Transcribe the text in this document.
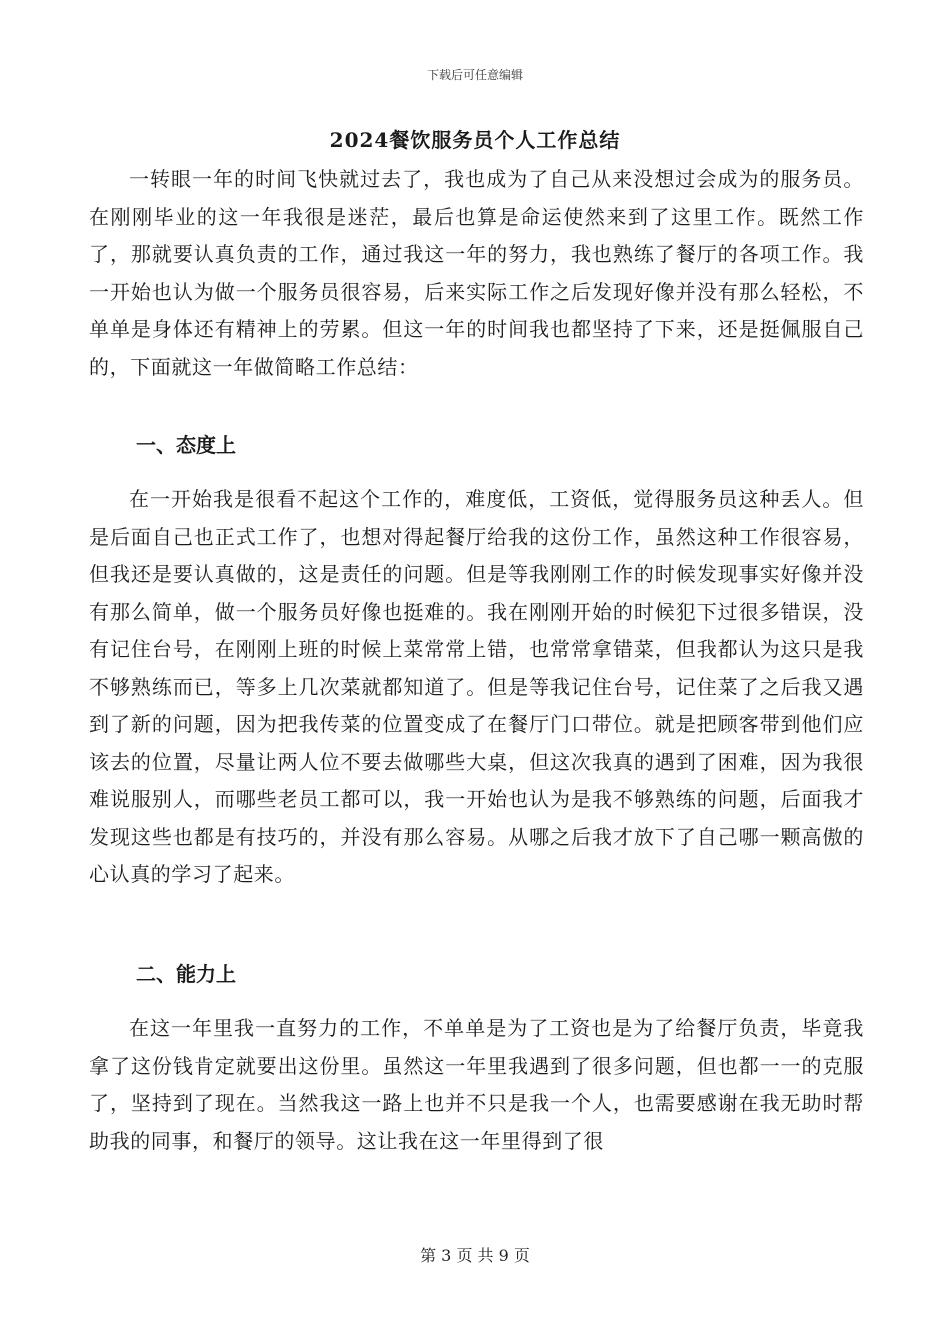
下载后可任意编辑
2024餐饮服务员个人工作总结

一转眼一年的时间飞快就过去了，我也成为了自己从来没想过会成为的服务员。在刚刚毕业的这一年我很是迷茫，最后也算是命运使然来到了这里工作。既然工作了，那就要认真负责的工作，通过我这一年的努力，我也熟练了餐厅的各项工作。我一开始也认为做一个服务员很容易，后来实际工作之后发现好像并没有那么轻松，不单单是身体还有精神上的劳累。但这一年的时间我也都坚持了下来，还是挺佩服自己的，下面就这一年做简略工作总结：

一、态度上

在一开始我是很看不起这个工作的，难度低，工资低，觉得服务员这种丢人。但是后面自己也正式工作了，也想对得起餐厅给我的这份工作，虽然这种工作很容易，但我还是要认真做的，这是责任的问题。但是等我刚刚工作的时候发现事实好像并没有那么简单，做一个服务员好像也挺难的。我在刚刚开始的时候犯下过很多错误，没有记住台号，在刚刚上班的时候上菜常常上错，也常常拿错菜，但我都认为这只是我不够熟练而已，等多上几次菜就都知道了。但是等我记住台号，记住菜了之后我又遇到了新的问题，因为把我传菜的位置变成了在餐厅门口带位。就是把顾客带到他们应该去的位置，尽量让两人位不要去做哪些大桌，但这次我真的遇到了困难，因为我很难说服别人，而哪些老员工都可以，我一开始也认为是我不够熟练的问题，后面我才发现这些也都是有技巧的，并没有那么容易。从哪之后我才放下了自己哪一颗高傲的心认真的学习了起来。

二、能力上

在这一年里我一直努力的工作，不单单是为了工资也是为了给餐厅负责，毕竟我拿了这份钱肯定就要出这份里。虽然这一年里我遇到了很多问题，但也都一一的克服了，坚持到了现在。当然我这一路上也并不只是我一个人，也需要感谢在我无助时帮助我的同事，和餐厅的领导。这让我在这一年里得到了很

第 3 页 共 9 页
